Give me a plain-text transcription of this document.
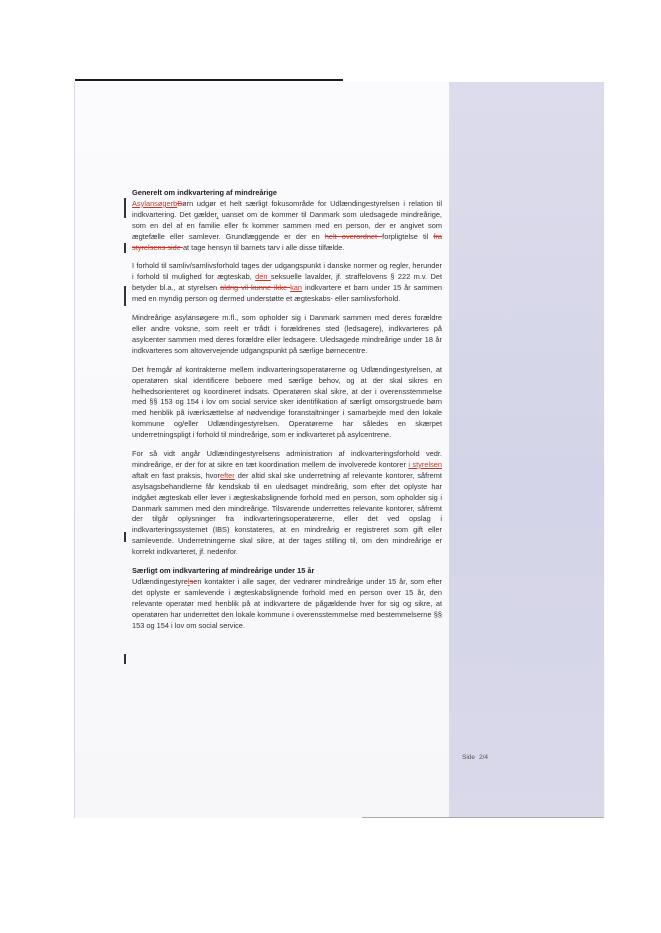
Generelt om indkvartering af mindreårige

AsylansøgerbBørn udgør et helt særligt fokusområde for Udlændingestyrelsen i relation til indkvartering. Det gælder, uanset om de kommer til Danmark som uledsagede mindreårige, som en del af en familie eller fx kommer sammen med en person, der er angivet som ægtefælle eller samlever. Grundlæggende er der en helt overordnet forpligtelse til fra styrelsens side at tage hensyn til barnets tarv i alle disse tilfælde.

I forhold til samliv/samlivsforhold tages der udgangspunkt i danske normer og regler, herunder i forhold til mulighed for ægteskab, den seksuelle lavalder, jf. straffelovens § 222 m.v. Det betyder bl.a., at styrelsen aldrig vil kunne ikke kan indkvartere et barn under 15 år sammen med en myndig person og dermed understøtte et ægteskabs- eller samlivsforhold.

Mindreårige asylansøgere m.fl., som opholder sig i Danmark sammen med deres forældre eller andre voksne, som reelt er trådt i forældrenes sted (ledsagere), indkvarteres på asylcenter sammen med deres forældre eller ledsagere. Uledsagede mindreårige under 18 år indkvarteres som altovervejende udgangspunkt på særlige børnecentre.

Det fremgår af kontrakterne mellem indkvarteringsoperatørerne og Udlændingestyrelsen, at operatøren skal identificere beboere med særlige behov, og at der skal sikres en helhedsorienteret og koordineret indsats. Operatøren skal sikre, at der i overensstemmelse med §§ 153 og 154 i lov om social service sker identifikation af særligt omsorgstruede børn med henblik på iværksættelse af nødvendige foranstaltninger i samarbejde med den lokale kommune og/eller Udlændingestyrelsen. Operatørerne har således en skærpet underretningspligt i forhold til mindreårige, som er indkvarteret på asylcentrene.

For så vidt angår Udlændingestyrelsens administration af indkvarteringsforhold vedr. mindreårige, er der for at sikre en tæt koordination mellem de involverede kontorer i styrelsen aftalt en fast praksis, hvorefter der altid skal ske underretning af relevante kontorer, såfremt asylsagsbehandlerne får kendskab til en uledsaget mindreårig, som efter det oplyste har indgået ægteskab eller lever i ægteskabslignende forhold med en person, som opholder sig i Danmark sammen med den mindreårige. Tilsvarende underrettes relevante kontorer, såfremt der tilgår oplysninger fra indkvarteringsoperatørerne, eller det ved opslag i indkvarteringssystemet (IBS) konstateres, at en mindreårig er registreret som gift eller samlevende. Underretningerne skal sikre, at der tages stilling til, om den mindreårige er korrekt indkvarteret, jf. nedenfor.

Særligt om indkvartering af mindreårige under 15 år

Udlændingestyrelsen kontakter i alle sager, der vedrører mindreårige under 15 år, som efter det oplyste er samlevende i ægteskabslignende forhold med en person over 15 år, den relevante operatør med henblik på at indkvartere de pågældende hver for sig og sikre, at operatøren har underrettet den lokale kommune i overensstemmelse med bestemmelserne §§ 153 og 154 i lov om social service.

Side 2/4
